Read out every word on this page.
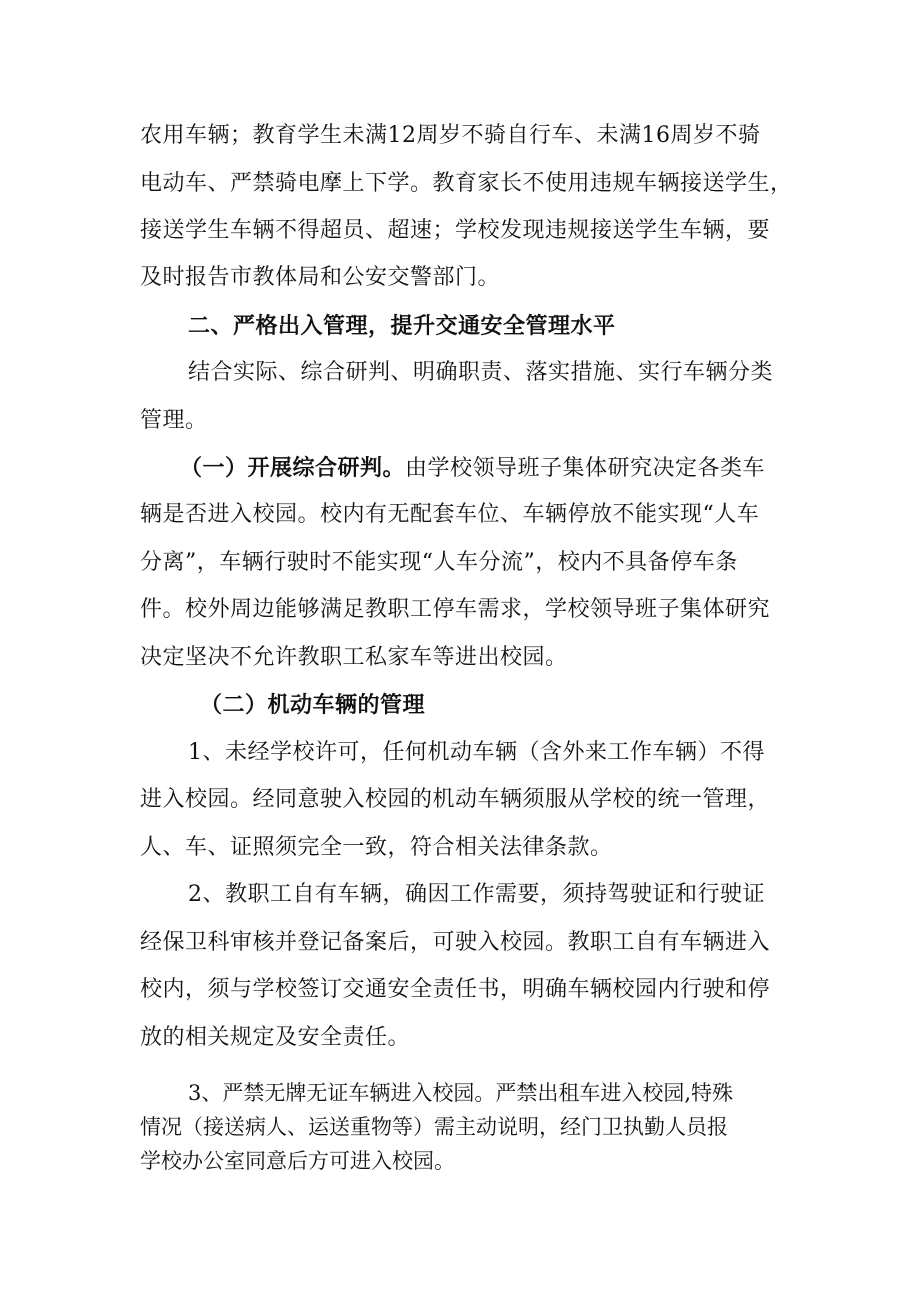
农用车辆；教育学生未满12周岁不骑自行车、未满16周岁不骑
电动车、严禁骑电摩上下学。教育家长不使用违规车辆接送学生，
接送学生车辆不得超员、超速；学校发现违规接送学生车辆，要
及时报告市教体局和公安交警部门。
二、严格出入管理，提升交通安全管理水平
结合实际、综合研判、明确职责、落实措施、实行车辆分类
管理。
（一）开展综合研判。由学校领导班子集体研究决定各类车
辆是否进入校园。校内有无配套车位、车辆停放不能实现“人车
分离”，车辆行驶时不能实现“人车分流”，校内不具备停车条
件。校外周边能够满足教职工停车需求，学校领导班子集体研究
决定坚决不允许教职工私家车等进出校园。
（二）机动车辆的管理
1、未经学校许可，任何机动车辆（含外来工作车辆）不得
进入校园。经同意驶入校园的机动车辆须服从学校的统一管理，
人、车、证照须完全一致，符合相关法律条款。
2、教职工自有车辆，确因工作需要，须持驾驶证和行驶证
经保卫科审核并登记备案后，可驶入校园。教职工自有车辆进入
校内，须与学校签订交通安全责任书，明确车辆校园内行驶和停
放的相关规定及安全责任。
3、严禁无牌无证车辆进入校园。严禁出租车进入校园,特殊
情况（接送病人、运送重物等）需主动说明，经门卫执勤人员报
学校办公室同意后方可进入校园。
